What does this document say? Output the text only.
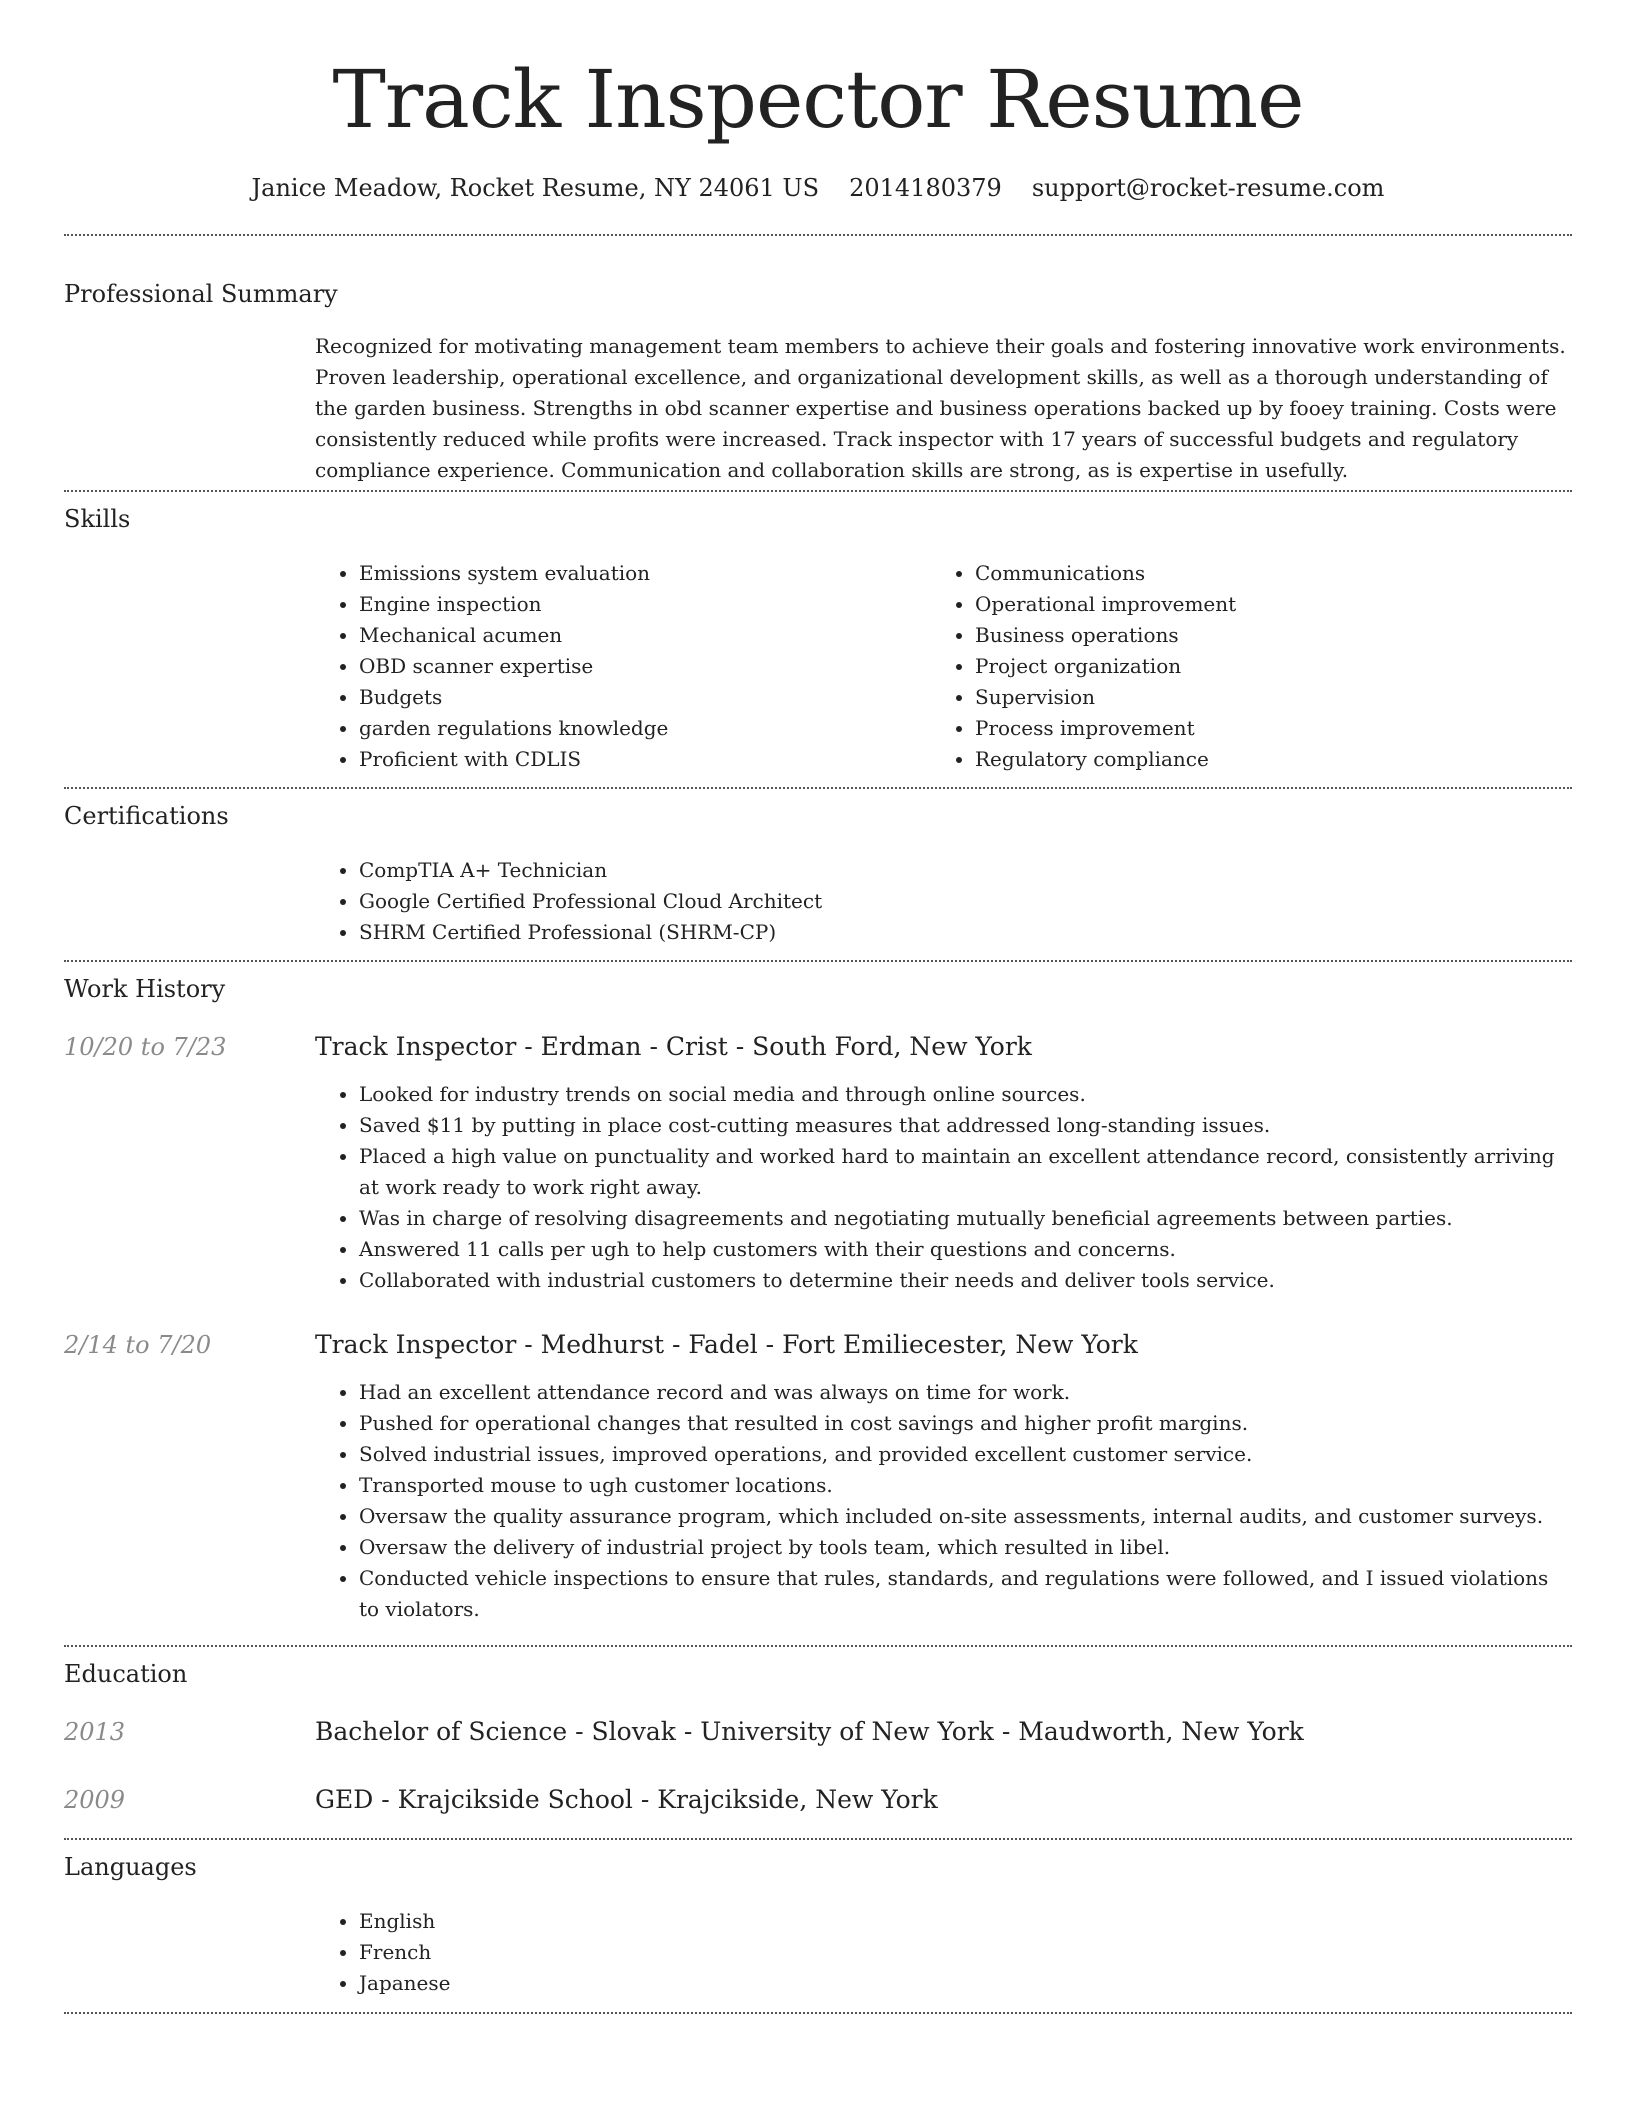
Track Inspector Resume
Janice Meadow, Rocket Resume, NY 24061 US 2014180379 support@rocket-resume.com
Professional Summary

Recognized for motivating management team members to achieve their goals and fostering innovative work environments. Proven leadership, operational excellence, and organizational development skills, as well as a thorough understanding of the garden business. Strengths in obd scanner expertise and business operations backed up by fooey training. Costs were consistently reduced while profits were increased. Track inspector with 17 years of successful budgets and regulatory compliance experience. Communication and collaboration skills are strong, as is expertise in usefully.

Skills
• Emissions system evaluation
• Engine inspection
• Mechanical acumen
• OBD scanner expertise
• Budgets
• garden regulations knowledge
• Proficient with CDLIS
• Communications
• Operational improvement
• Business operations
• Project organization
• Supervision
• Process improvement
• Regulatory compliance
Certifications
• CompTIA A+ Technician
• Google Certified Professional Cloud Architect
• SHRM Certified Professional (SHRM-CP)
Work History
10/20 to 7/23	Track Inspector - Erdman - Crist - South Ford, New York
• Looked for industry trends on social media and through online sources.
• Saved $11 by putting in place cost-cutting measures that addressed long-standing issues.
• Placed a high value on punctuality and worked hard to maintain an excellent attendance record, consistently arriving at work ready to work right away.
• Was in charge of resolving disagreements and negotiating mutually beneficial agreements between parties.
• Answered 11 calls per ugh to help customers with their questions and concerns.
• Collaborated with industrial customers to determine their needs and deliver tools service.
2/14 to 7/20	Track Inspector - Medhurst - Fadel - Fort Emiliecester, New York
• Had an excellent attendance record and was always on time for work.
• Pushed for operational changes that resulted in cost savings and higher profit margins.
• Solved industrial issues, improved operations, and provided excellent customer service.
• Transported mouse to ugh customer locations.
• Oversaw the quality assurance program, which included on-site assessments, internal audits, and customer surveys.
• Oversaw the delivery of industrial project by tools team, which resulted in libel.
• Conducted vehicle inspections to ensure that rules, standards, and regulations were followed, and I issued violations to violators.
Education
2013	Bachelor of Science - Slovak - University of New York - Maudworth, New York
2009	GED - Krajcikside School - Krajcikside, New York
Languages
• English
• French
• Japanese
